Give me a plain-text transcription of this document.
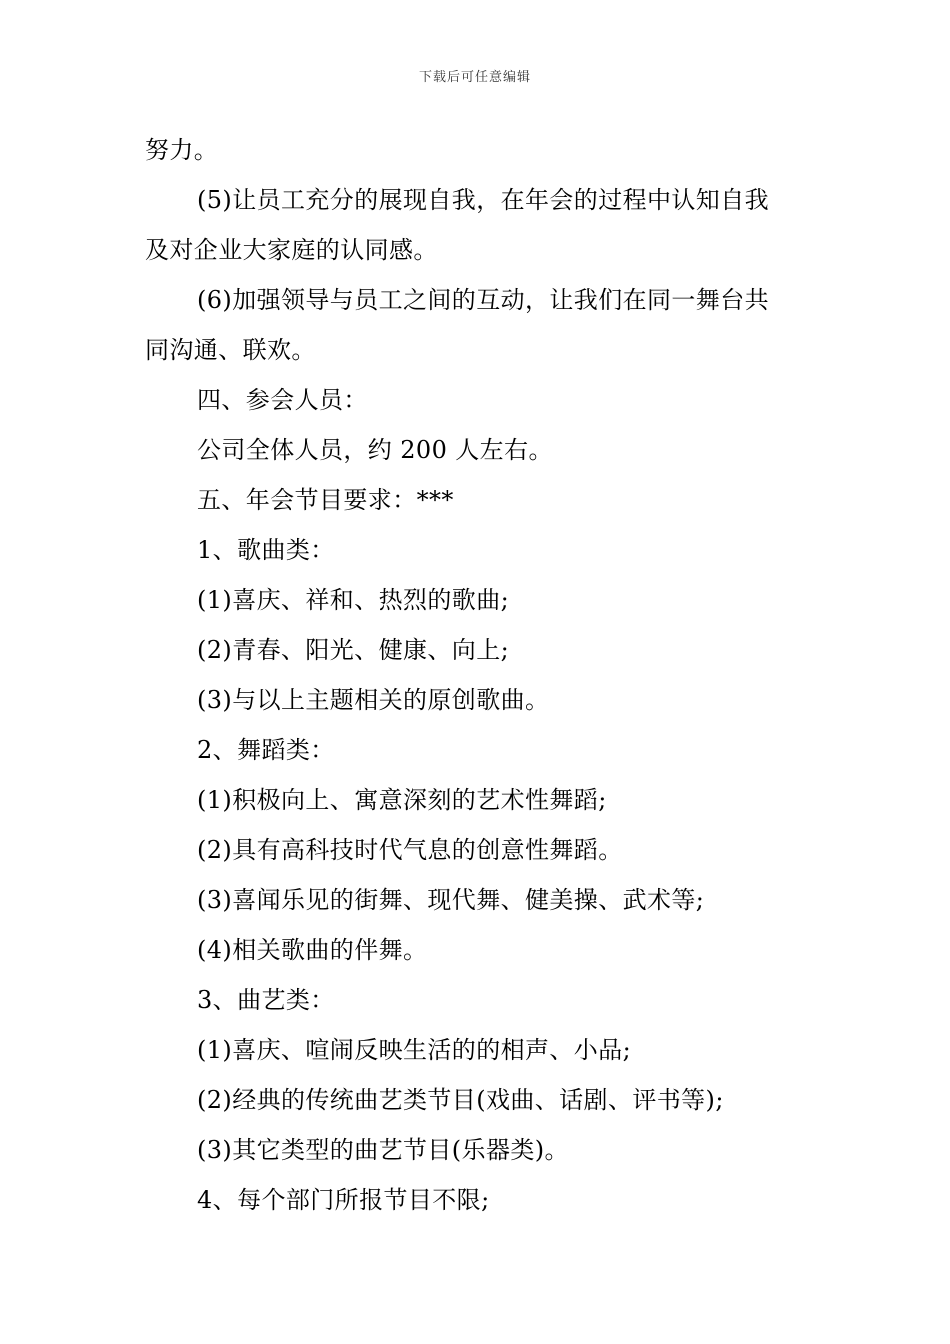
下载后可任意编辑
努力。
(5)让员工充分的展现自我，在年会的过程中认知自我
及对企业大家庭的认同感。
(6)加强领导与员工之间的互动，让我们在同一舞台共
同沟通、联欢。
四、参会人员：
公司全体人员，约 200 人左右。
五、年会节目要求：***
1、歌曲类：
(1)喜庆、祥和、热烈的歌曲;
(2)青春、阳光、健康、向上;
(3)与以上主题相关的原创歌曲。
2、舞蹈类：
(1)积极向上、寓意深刻的艺术性舞蹈;
(2)具有高科技时代气息的创意性舞蹈。
(3)喜闻乐见的街舞、现代舞、健美操、武术等;
(4)相关歌曲的伴舞。
3、曲艺类：
(1)喜庆、喧闹反映生活的的相声、小品;
(2)经典的传统曲艺类节目(戏曲、话剧、评书等);
(3)其它类型的曲艺节目(乐器类)。
4、每个部门所报节目不限;
